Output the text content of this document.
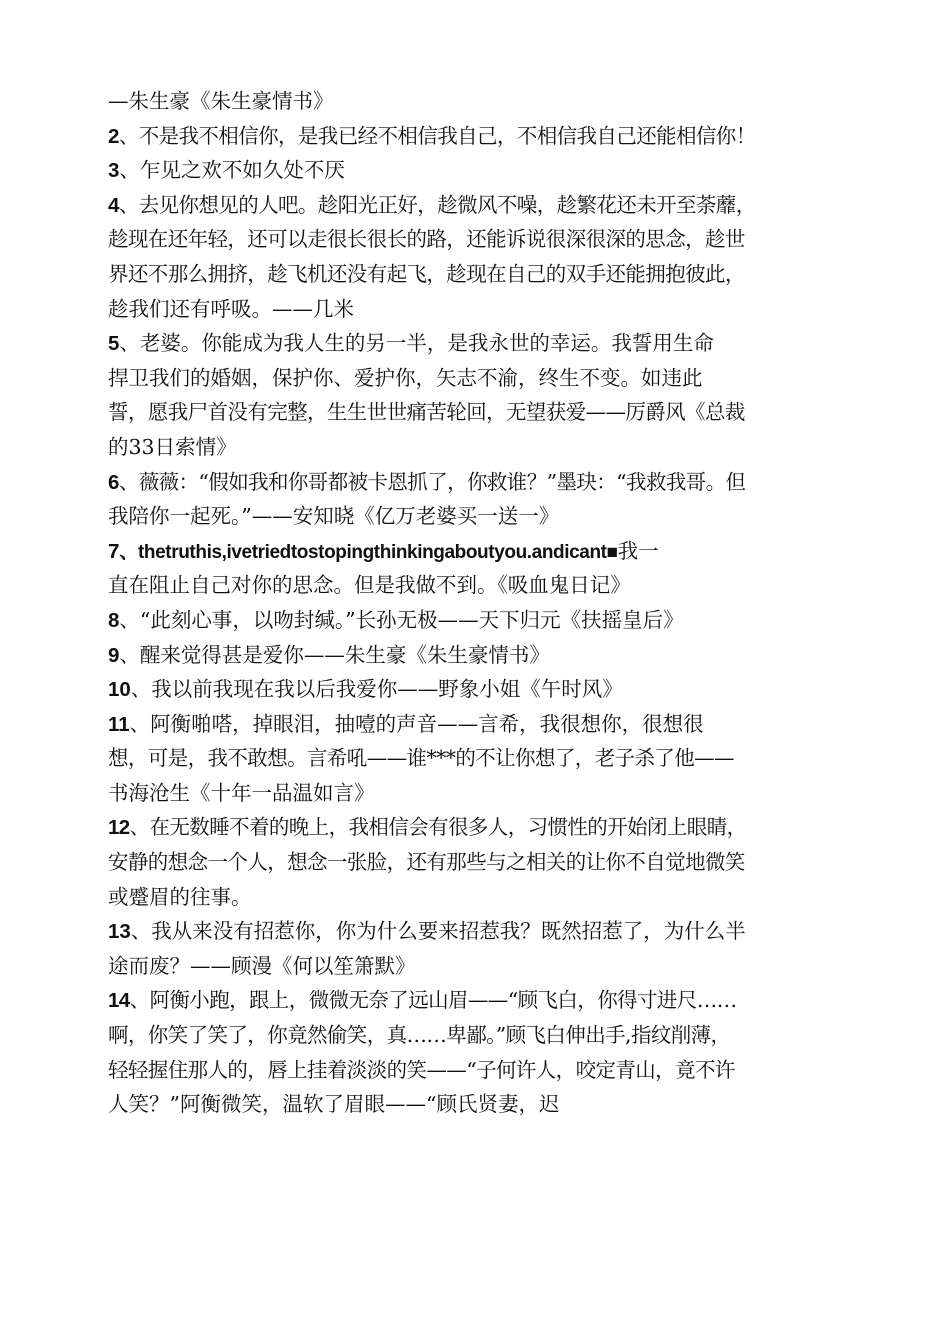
—朱生豪《朱生豪情书》
2、不是我不相信你，是我已经不相信我自己，不相信我自己还能相信你！
3、乍见之欢不如久处不厌
4、去见你想见的人吧。趁阳光正好，趁微风不噪，趁繁花还未开至荼蘼，
趁现在还年轻，还可以走很长很长的路，还能诉说很深很深的思念，趁世
界还不那么拥挤，趁飞机还没有起飞，趁现在自己的双手还能拥抱彼此，
趁我们还有呼吸。——几米
5、老婆。你能成为我人生的另一半，是我永世的幸运。我誓用生命
捍卫我们的婚姻，保护你、爱护你，矢志不渝，终生不变。如违此
誓，愿我尸首没有完整，生生世世痛苦轮回，无望获爱——厉爵风《总裁
的33日索情》
6、薇薇：“假如我和你哥都被卡恩抓了，你救谁？”墨玦：“我救我哥。但
我陪你一起死。”——安知晓《亿万老婆买一送一》
7、thetruthis,ivetriedtostopingthinkingaboutyou.andicant■我一
直在阻止自己对你的思念。但是我做不到。《吸血鬼日记》
8、“此刻心事，以吻封缄。”长孙无极——天下归元《扶摇皇后》
9、醒来觉得甚是爱你——朱生豪《朱生豪情书》
10、我以前我现在我以后我爱你——野象小姐《午时风》
11、阿衡啪嗒，掉眼泪，抽噎的声音——言希，我很想你，很想很
想，可是，我不敢想。言希吼——谁***的不让你想了，老子杀了他——
书海沧生《十年一品温如言》
12、在无数睡不着的晚上，我相信会有很多人，习惯性的开始闭上眼睛，
安静的想念一个人，想念一张脸，还有那些与之相关的让你不自觉地微笑
或蹙眉的往事。
13、我从来没有招惹你，你为什么要来招惹我？既然招惹了，为什么半
途而废？——顾漫《何以笙箫默》
14、阿衡小跑，跟上，微微无奈了远山眉——“顾飞白，你得寸进尺……
啊，你笑了笑了，你竟然偷笑，真……卑鄙。”顾飞白伸出手,指纹削薄，
轻轻握住那人的，唇上挂着淡淡的笑——“子何许人，咬定青山，竟不许
人笑？”阿衡微笑，温软了眉眼——“顾氏贤妻，迟
